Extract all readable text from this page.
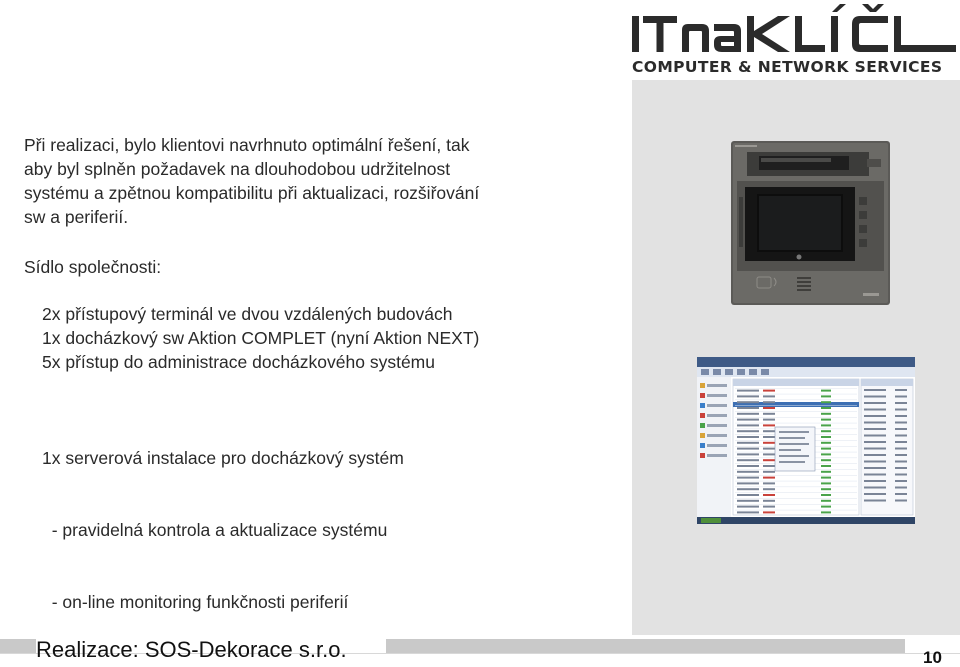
COMPUTER & NETWORK SERVICES
Při realizaci, bylo klientovi navrhnuto optimální řešení, tak
aby byl splněn požadavek na dlouhodobou udržitelnost
systému a zpětnou kompatibilitu při aktualizaci, rozšiřování
sw a periferií.
Sídlo společnosti:
2x přístupový terminál ve dvou vzdálených budovách
1x docházkový sw Aktion COMPLET (nyní Aktion NEXT)
5x přístup do administrace docházkového systému

1x serverová instalace pro docházkový systém

- pravidelná kontrola a aktualizace systému

- on-line monitoring funkčnosti periferií

Realizace: SOS-Dekorace s.r.o.	10
